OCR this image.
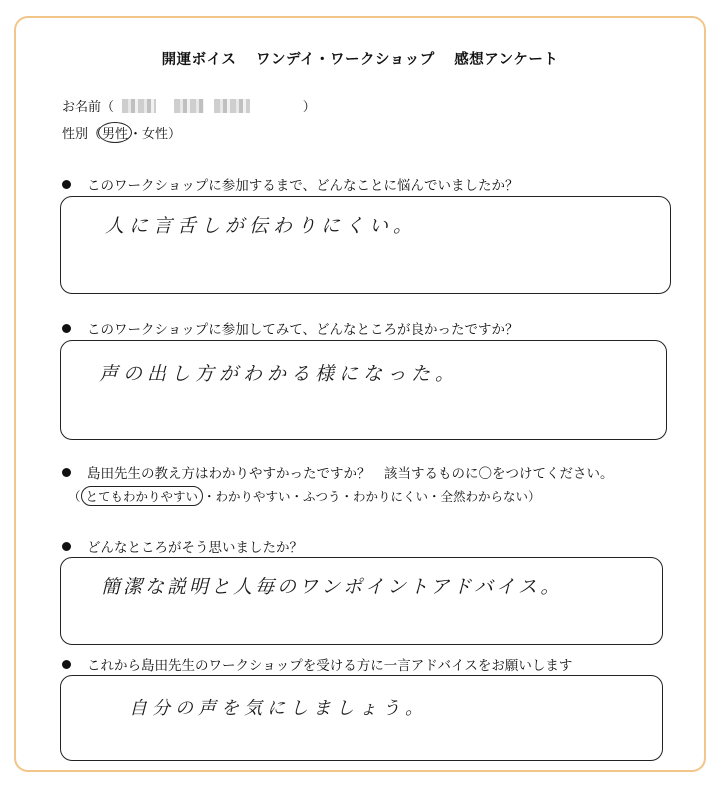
開運ボイス ワンデイ・ワークショップ 感想アンケート
お名前（	）
性別（男性・女性）
このワークショップに参加するまで、どんなことに悩んでいましたか？
人に言舌しが伝わりにくい。
このワークショップに参加してみて、どんなところが良かったですか？
声の出し方がわかる様になった。
島田先生の教え方はわかりやすかったですか？　該当するものに〇をつけてください。
（ とてもわかりやすい ・わかりやすい・ふつう・わかりにくい・全然わからない）
どんなところがそう思いましたか？
簡潔な説明と人毎のワンポイントアドバイス。
これから島田先生のワークショップを受ける方に一言アドバイスをお願いします
自分の声を気にしましょう。
